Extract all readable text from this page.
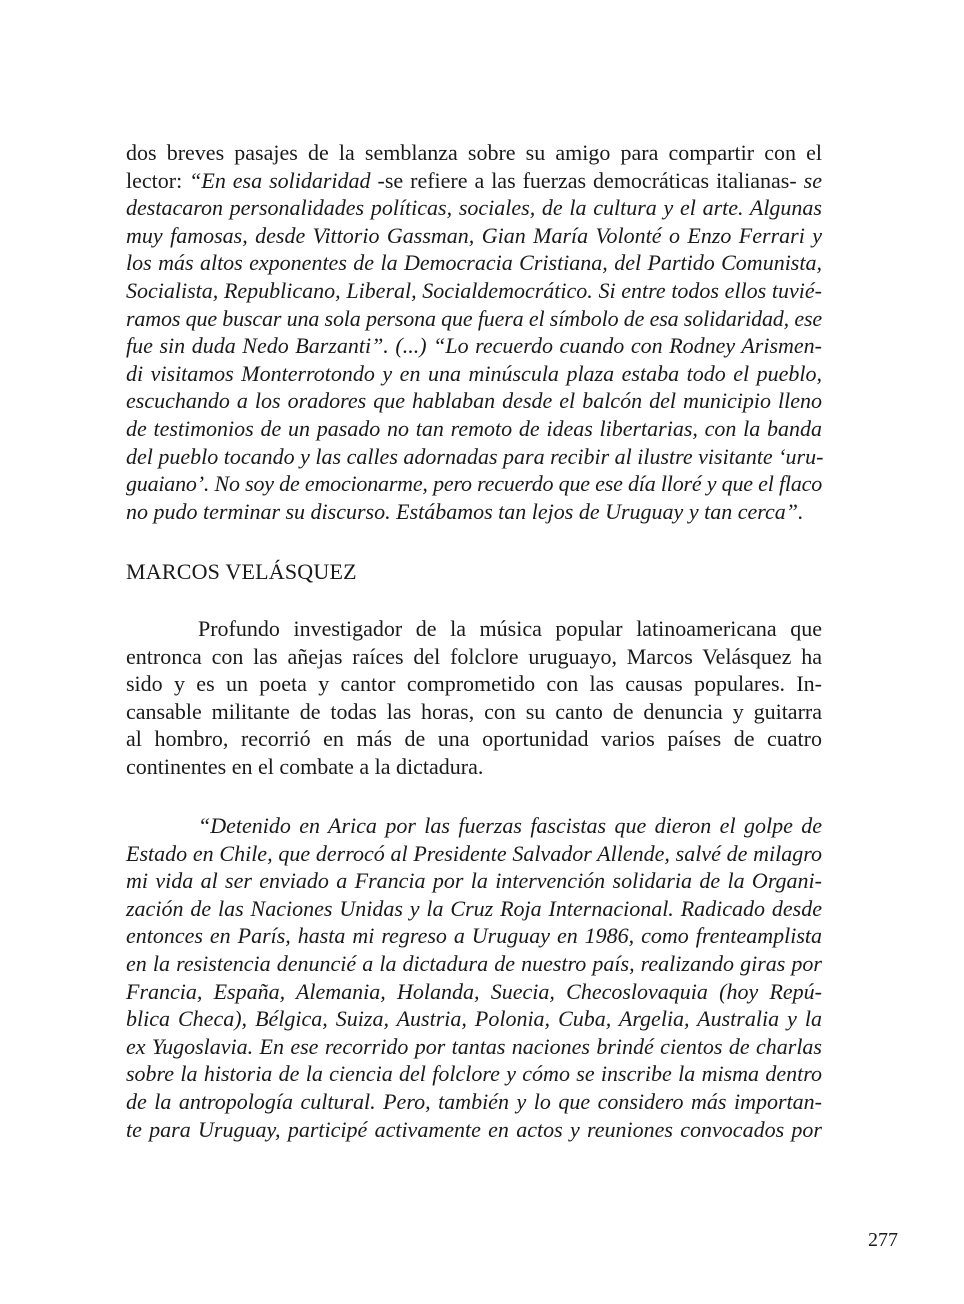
dos breves pasajes de la semblanza sobre su amigo para compartir con el
lector: “En esa solidaridad -se refiere a las fuerzas democráticas italianas- se
destacaron personalidades políticas, sociales, de la cultura y el arte. Algunas
muy famosas, desde Vittorio Gassman, Gian María Volonté o Enzo Ferrari y
los más altos exponentes de la Democracia Cristiana, del Partido Comunista,
Socialista, Republicano, Liberal, Socialdemocrático. Si entre todos ellos tuvié-
ramos que buscar una sola persona que fuera el símbolo de esa solidaridad, ese
fue sin duda Nedo Barzanti”. (...) “Lo recuerdo cuando con Rodney Arismen-
di visitamos Monterrotondo y en una minúscula plaza estaba todo el pueblo,
escuchando a los oradores que hablaban desde el balcón del municipio lleno
de testimonios de un pasado no tan remoto de ideas libertarias, con la banda
del pueblo tocando y las calles adornadas para recibir al ilustre visitante ‘uru-
guaiano’. No soy de emocionarme, pero recuerdo que ese día lloré y que el flaco
no pudo terminar su discurso. Estábamos tan lejos de Uruguay y tan cerca”.
MARCOS VELÁSQUEZ
Profundo investigador de la música popular latinoamericana que
entronca con las añejas raíces del folclore uruguayo, Marcos Velásquez ha
sido y es un poeta y cantor comprometido con las causas populares. In-
cansable militante de todas las horas, con su canto de denuncia y guitarra
al hombro, recorrió en más de una oportunidad varios países de cuatro
continentes en el combate a la dictadura.
“Detenido en Arica por las fuerzas fascistas que dieron el golpe de
Estado en Chile, que derrocó al Presidente Salvador Allende, salvé de milagro
mi vida al ser enviado a Francia por la intervención solidaria de la Organi-
zación de las Naciones Unidas y la Cruz Roja Internacional. Radicado desde
entonces en París, hasta mi regreso a Uruguay en 1986, como frenteamplista
en la resistencia denuncié a la dictadura de nuestro país, realizando giras por
Francia, España, Alemania, Holanda, Suecia, Checoslovaquia (hoy Repú-
blica Checa), Bélgica, Suiza, Austria, Polonia, Cuba, Argelia, Australia y la
ex Yugoslavia. En ese recorrido por tantas naciones brindé cientos de charlas
sobre la historia de la ciencia del folclore y cómo se inscribe la misma dentro
de la antropología cultural. Pero, también y lo que considero más importan-
te para Uruguay, participé activamente en actos y reuniones convocados por
277
